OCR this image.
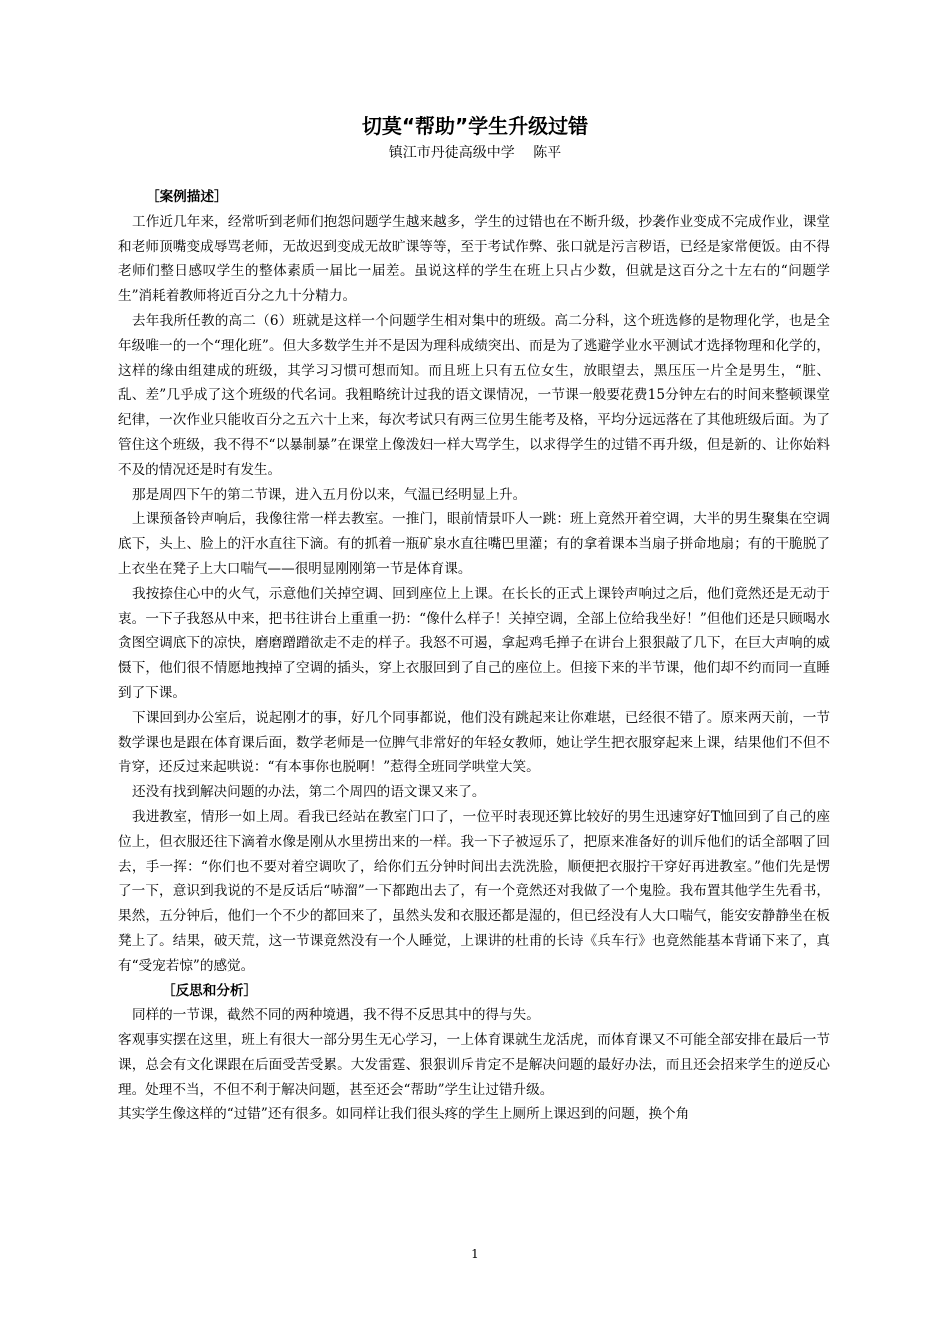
切莫“帮助”学生升级过错
镇江市丹徒高级中学 陈平
［案例描述］

工作近几年来，经常听到老师们抱怨问题学生越来越多，学生的过错也在不断升级，抄袭作业变成不完成作业，课堂和老师顶嘴变成辱骂老师，无故迟到变成无故旷课等等，至于考试作弊、张口就是污言秽语，已经是家常便饭。由不得老师们整日感叹学生的整体素质一届比一届差。虽说这样的学生在班上只占少数，但就是这百分之十左右的“问题学生”消耗着教师将近百分之九十分精力。

去年我所任教的高二（6）班就是这样一个问题学生相对集中的班级。高二分科，这个班选修的是物理化学，也是全年级唯一的一个“理化班”。但大多数学生并不是因为理科成绩突出、而是为了逃避学业水平测试才选择物理和化学的，这样的缘由组建成的班级，其学习习惯可想而知。而且班上只有五位女生，放眼望去，黑压压一片全是男生，“脏、乱、差”几乎成了这个班级的代名词。我粗略统计过我的语文课情况，一节课一般要花费15分钟左右的时间来整顿课堂纪律，一次作业只能收百分之五六十上来，每次考试只有两三位男生能考及格，平均分远远落在了其他班级后面。为了管住这个班级，我不得不“以暴制暴”在课堂上像泼妇一样大骂学生，以求得学生的过错不再升级，但是新的、让你始料不及的情况还是时有发生。

那是周四下午的第二节课，进入五月份以来，气温已经明显上升。

上课预备铃声响后，我像往常一样去教室。一推门，眼前情景吓人一跳：班上竟然开着空调，大半的男生聚集在空调底下，头上、脸上的汗水直往下滴。有的抓着一瓶矿泉水直往嘴巴里灌；有的拿着课本当扇子拼命地扇；有的干脆脱了上衣坐在凳子上大口喘气——很明显刚刚第一节是体育课。

我按捺住心中的火气，示意他们关掉空调、回到座位上上课。在长长的正式上课铃声响过之后，他们竟然还是无动于衷。一下子我怒从中来，把书往讲台上重重一扔：“像什么样子！关掉空调，全部上位给我坐好！”但他们还是只顾喝水贪图空调底下的凉快，磨磨蹭蹭欲走不走的样子。我怒不可遏，拿起鸡毛掸子在讲台上狠狠敲了几下，在巨大声响的威慑下，他们很不情愿地拽掉了空调的插头，穿上衣服回到了自己的座位上。但接下来的半节课，他们却不约而同一直睡到了下课。

下课回到办公室后，说起刚才的事，好几个同事都说，他们没有跳起来让你难堪，已经很不错了。原来两天前，一节数学课也是跟在体育课后面，数学老师是一位脾气非常好的年轻女教师，她让学生把衣服穿起来上课，结果他们不但不肯穿，还反过来起哄说：“有本事你也脱啊！”惹得全班同学哄堂大笑。

还没有找到解决问题的办法，第二个周四的语文课又来了。

我进教室，情形一如上周。看我已经站在教室门口了，一位平时表现还算比较好的男生迅速穿好T恤回到了自己的座位上，但衣服还往下滴着水像是刚从水里捞出来的一样。我一下子被逗乐了，把原来准备好的训斥他们的话全部咽了回去，手一挥：“你们也不要对着空调吹了，给你们五分钟时间出去洗洗脸，顺便把衣服拧干穿好再进教室。”他们先是愣了一下，意识到我说的不是反话后“哧溜”一下都跑出去了，有一个竟然还对我做了一个鬼脸。我布置其他学生先看书，果然，五分钟后，他们一个不少的都回来了，虽然头发和衣服还都是湿的，但已经没有人大口喘气，能安安静静坐在板凳上了。结果，破天荒，这一节课竟然没有一个人睡觉，上课讲的杜甫的长诗《兵车行》也竟然能基本背诵下来了，真有“受宠若惊”的感觉。

［反思和分析］

同样的一节课，截然不同的两种境遇，我不得不反思其中的得与失。

客观事实摆在这里，班上有很大一部分男生无心学习，一上体育课就生龙活虎，而体育课又不可能全部安排在最后一节课，总会有文化课跟在后面受苦受累。大发雷霆、狠狠训斥肯定不是解决问题的最好办法，而且还会招来学生的逆反心理。处理不当，不但不利于解决问题，甚至还会“帮助”学生让过错升级。

其实学生像这样的“过错”还有很多。如同样让我们很头疼的学生上厕所上课迟到的问题，换个角

1
